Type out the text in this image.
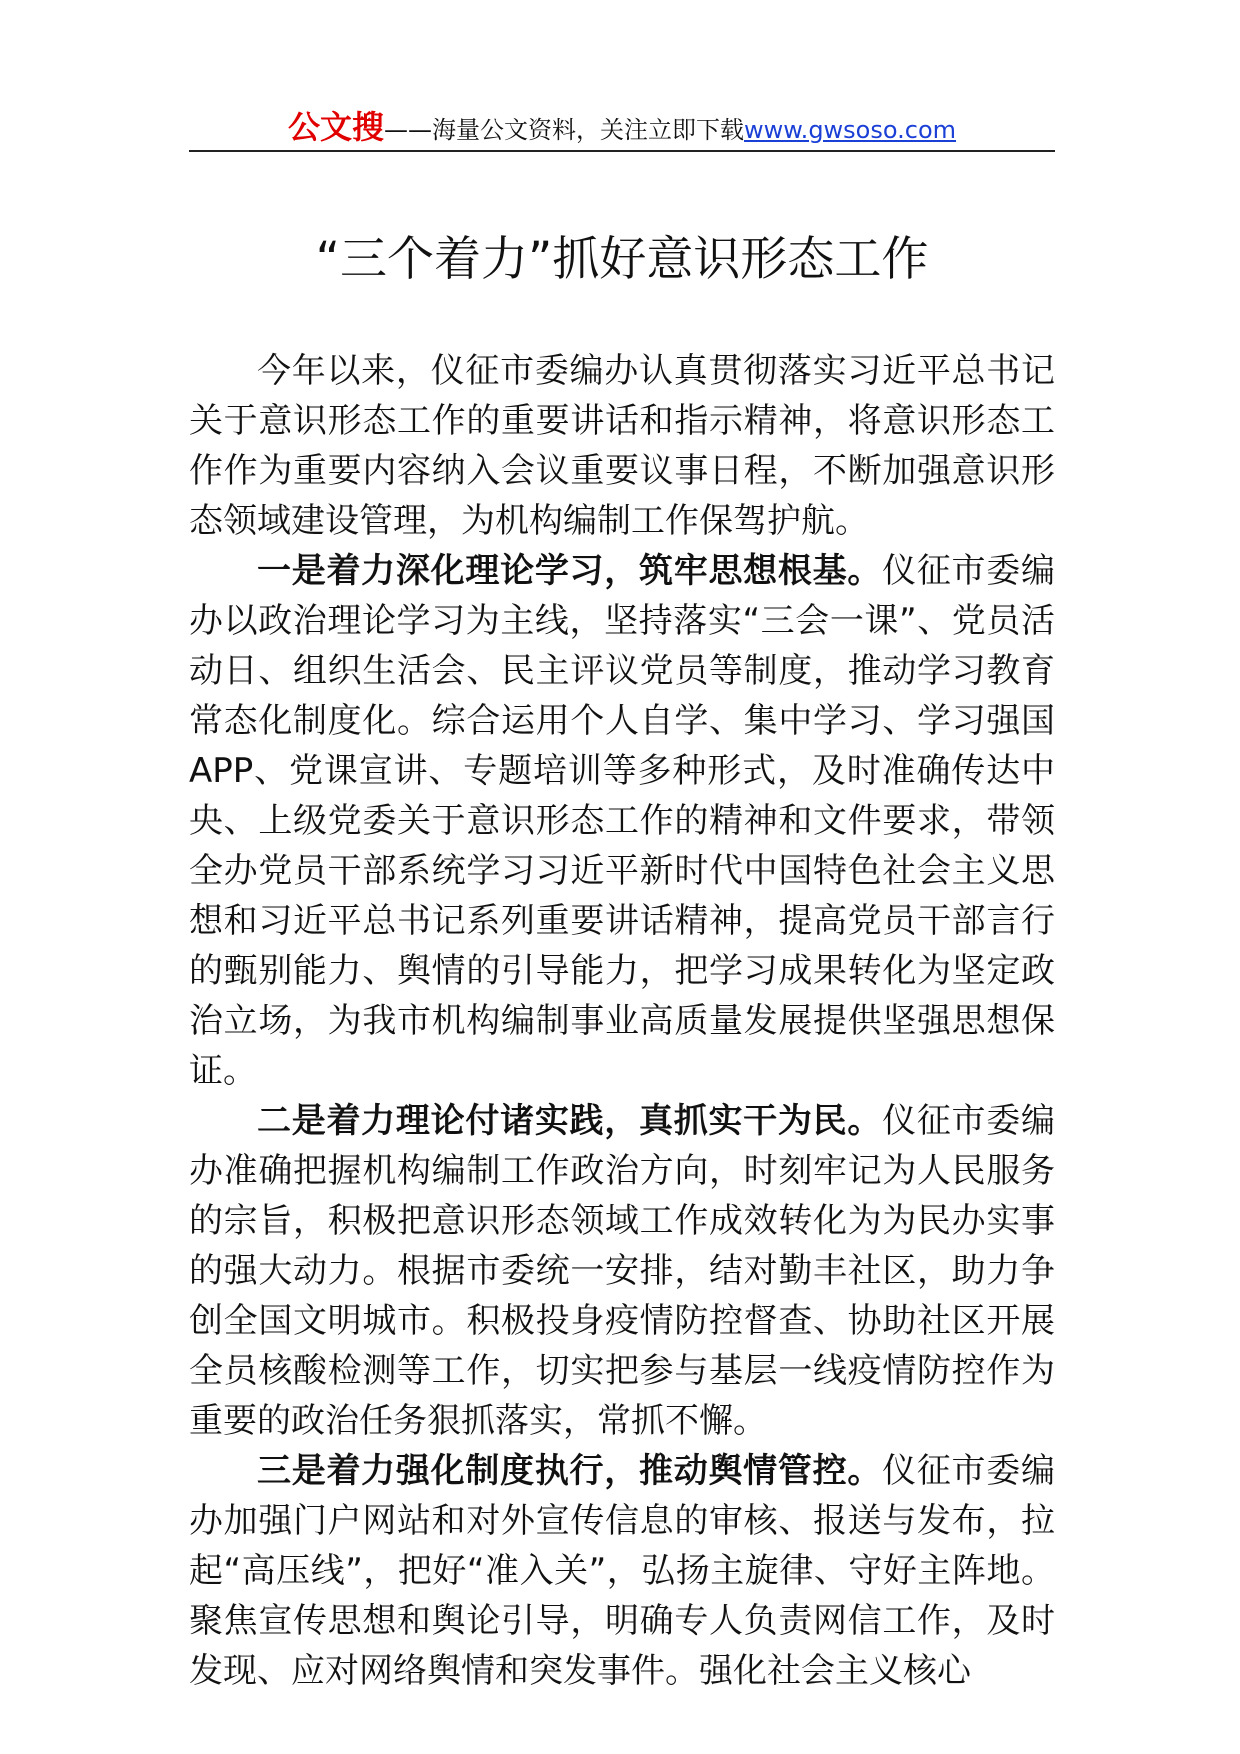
公文搜——海量公文资料，关注立即下载www.gwsoso.com
“三个着力”抓好意识形态工作

今年以来，仪征市委编办认真贯彻落实习近平总书记关于意识形态工作的重要讲话和指示精神，将意识形态工作作为重要内容纳入会议重要议事日程，不断加强意识形态领域建设管理，为机构编制工作保驾护航。

一是着力深化理论学习，筑牢思想根基。仪征市委编办以政治理论学习为主线，坚持落实“三会一课”、党员活动日、组织生活会、民主评议党员等制度，推动学习教育常态化制度化。综合运用个人自学、集中学习、学习强国 APP、党课宣讲、专题培训等多种形式，及时准确传达中央、上级党委关于意识形态工作的精神和文件要求，带领全办党员干部系统学习习近平新时代中国特色社会主义思想和习近平总书记系列重要讲话精神，提高党员干部言行的甄别能力、舆情的引导能力，把学习成果转化为坚定政治立场，为我市机构编制事业高质量发展提供坚强思想保证。

二是着力理论付诸实践，真抓实干为民。仪征市委编办准确把握机构编制工作政治方向，时刻牢记为人民服务的宗旨，积极把意识形态领域工作成效转化为为民办实事的强大动力。根据市委统一安排，结对勤丰社区，助力争创全国文明城市。积极投身疫情防控督查、协助社区开展全员核酸检测等工作，切实把参与基层一线疫情防控作为重要的政治任务狠抓落实，常抓不懈。

三是着力强化制度执行，推动舆情管控。仪征市委编办加强门户网站和对外宣传信息的审核、报送与发布，拉起“高压线”，把好“准入关”，弘扬主旋律、守好主阵地。聚焦宣传思想和舆论引导，明确专人负责网信工作，及时发现、应对网络舆情和突发事件。强化社会主义核心
